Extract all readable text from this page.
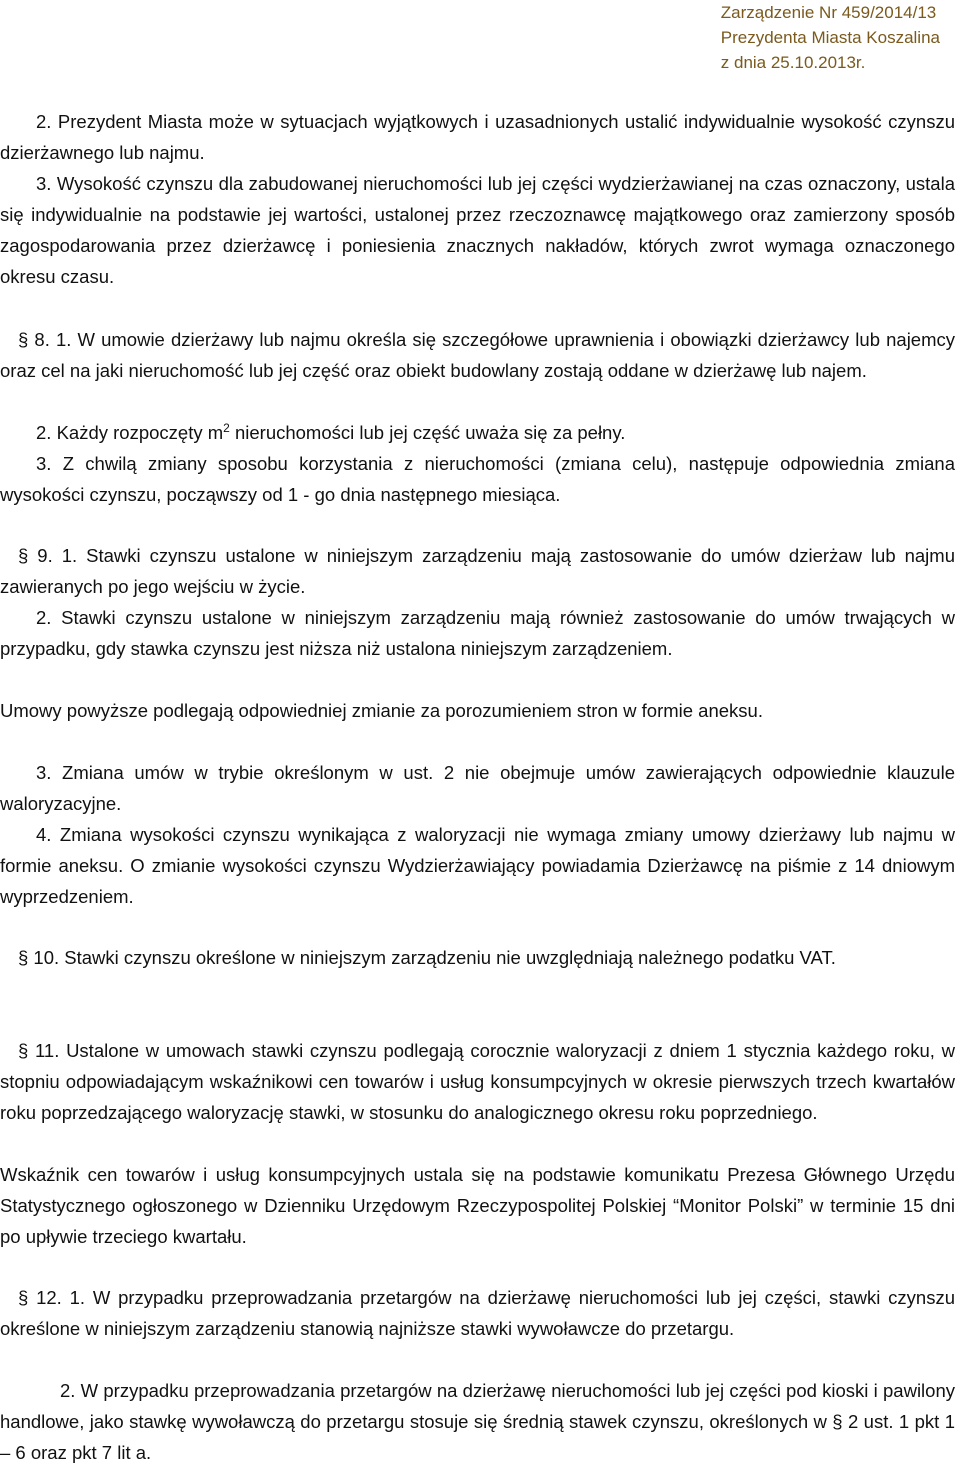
Zarządzenie Nr 459/2014/13
Prezydenta Miasta Koszalina
z dnia 25.10.2013r.

2. Prezydent Miasta może w sytuacjach wyjątkowych i uzasadnionych ustalić indywidualnie wysokość czynszu dzierżawnego lub najmu.

3. Wysokość czynszu dla zabudowanej nieruchomości lub jej części wydzierżawianej na czas oznaczony, ustala się indywidualnie na podstawie jej wartości, ustalonej przez rzeczoznawcę majątkowego oraz zamierzony sposób zagospodarowania przez dzierżawcę i poniesienia znacznych nakładów, których zwrot wymaga oznaczonego okresu czasu.

§ 8. 1. W umowie dzierżawy lub najmu określa się szczegółowe uprawnienia i obowiązki dzierżawcy lub najemcy oraz cel na jaki nieruchomość lub jej część oraz obiekt budowlany zostają oddane w dzierżawę lub najem.

2. Każdy rozpoczęty $m^2$ nieruchomości lub jej część uważa się za pełny.

3. Z chwilą zmiany sposobu korzystania z nieruchomości (zmiana celu), następuje odpowiednia zmiana wysokości czynszu, począwszy od 1 - go dnia następnego miesiąca.

§ 9. 1. Stawki czynszu ustalone w niniejszym zarządzeniu mają zastosowanie do umów dzierżaw lub najmu zawieranych po jego wejściu w życie.

2. Stawki czynszu ustalone w niniejszym zarządzeniu mają również zastosowanie do umów trwających w przypadku, gdy stawka czynszu jest niższa niż ustalona niniejszym zarządzeniem.

Umowy powyższe podlegają odpowiedniej zmianie za porozumieniem stron w formie aneksu.

3. Zmiana umów w trybie określonym w ust. 2 nie obejmuje umów zawierających odpowiednie klauzule waloryzacyjne.

4. Zmiana wysokości czynszu wynikająca z waloryzacji nie wymaga zmiany umowy dzierżawy lub najmu w formie aneksu. O zmianie wysokości czynszu Wydzierżawiający powiadamia Dzierżawcę na piśmie z 14 dniowym wyprzedzeniem.

§ 10. Stawki czynszu określone w niniejszym zarządzeniu nie uwzględniają należnego podatku VAT.

§ 11. Ustalone w umowach stawki czynszu podlegają corocznie waloryzacji z dniem 1 stycznia każdego roku, w stopniu odpowiadającym wskaźnikowi cen towarów i usług konsumpcyjnych w okresie pierwszych trzech kwartałów roku poprzedzającego waloryzację stawki, w stosunku do analogicznego okresu roku poprzedniego.

Wskaźnik cen towarów i usług konsumpcyjnych ustala się na podstawie komunikatu Prezesa Głównego Urzędu Statystycznego ogłoszonego w Dzienniku Urzędowym Rzeczypospolitej Polskiej “Monitor Polski” w terminie 15 dni po upływie trzeciego kwartału.

§ 12. 1. W przypadku przeprowadzania przetargów na dzierżawę nieruchomości lub jej części, stawki czynszu określone w niniejszym zarządzeniu stanowią najniższe stawki wywoławcze do przetargu.

2. W przypadku przeprowadzania przetargów na dzierżawę nieruchomości lub jej części pod kioski i pawilony handlowe, jako stawkę wywoławczą do przetargu stosuje się średnią stawek czynszu, określonych w § 2 ust. 1 pkt 1 – 6 oraz pkt 7 lit a.
